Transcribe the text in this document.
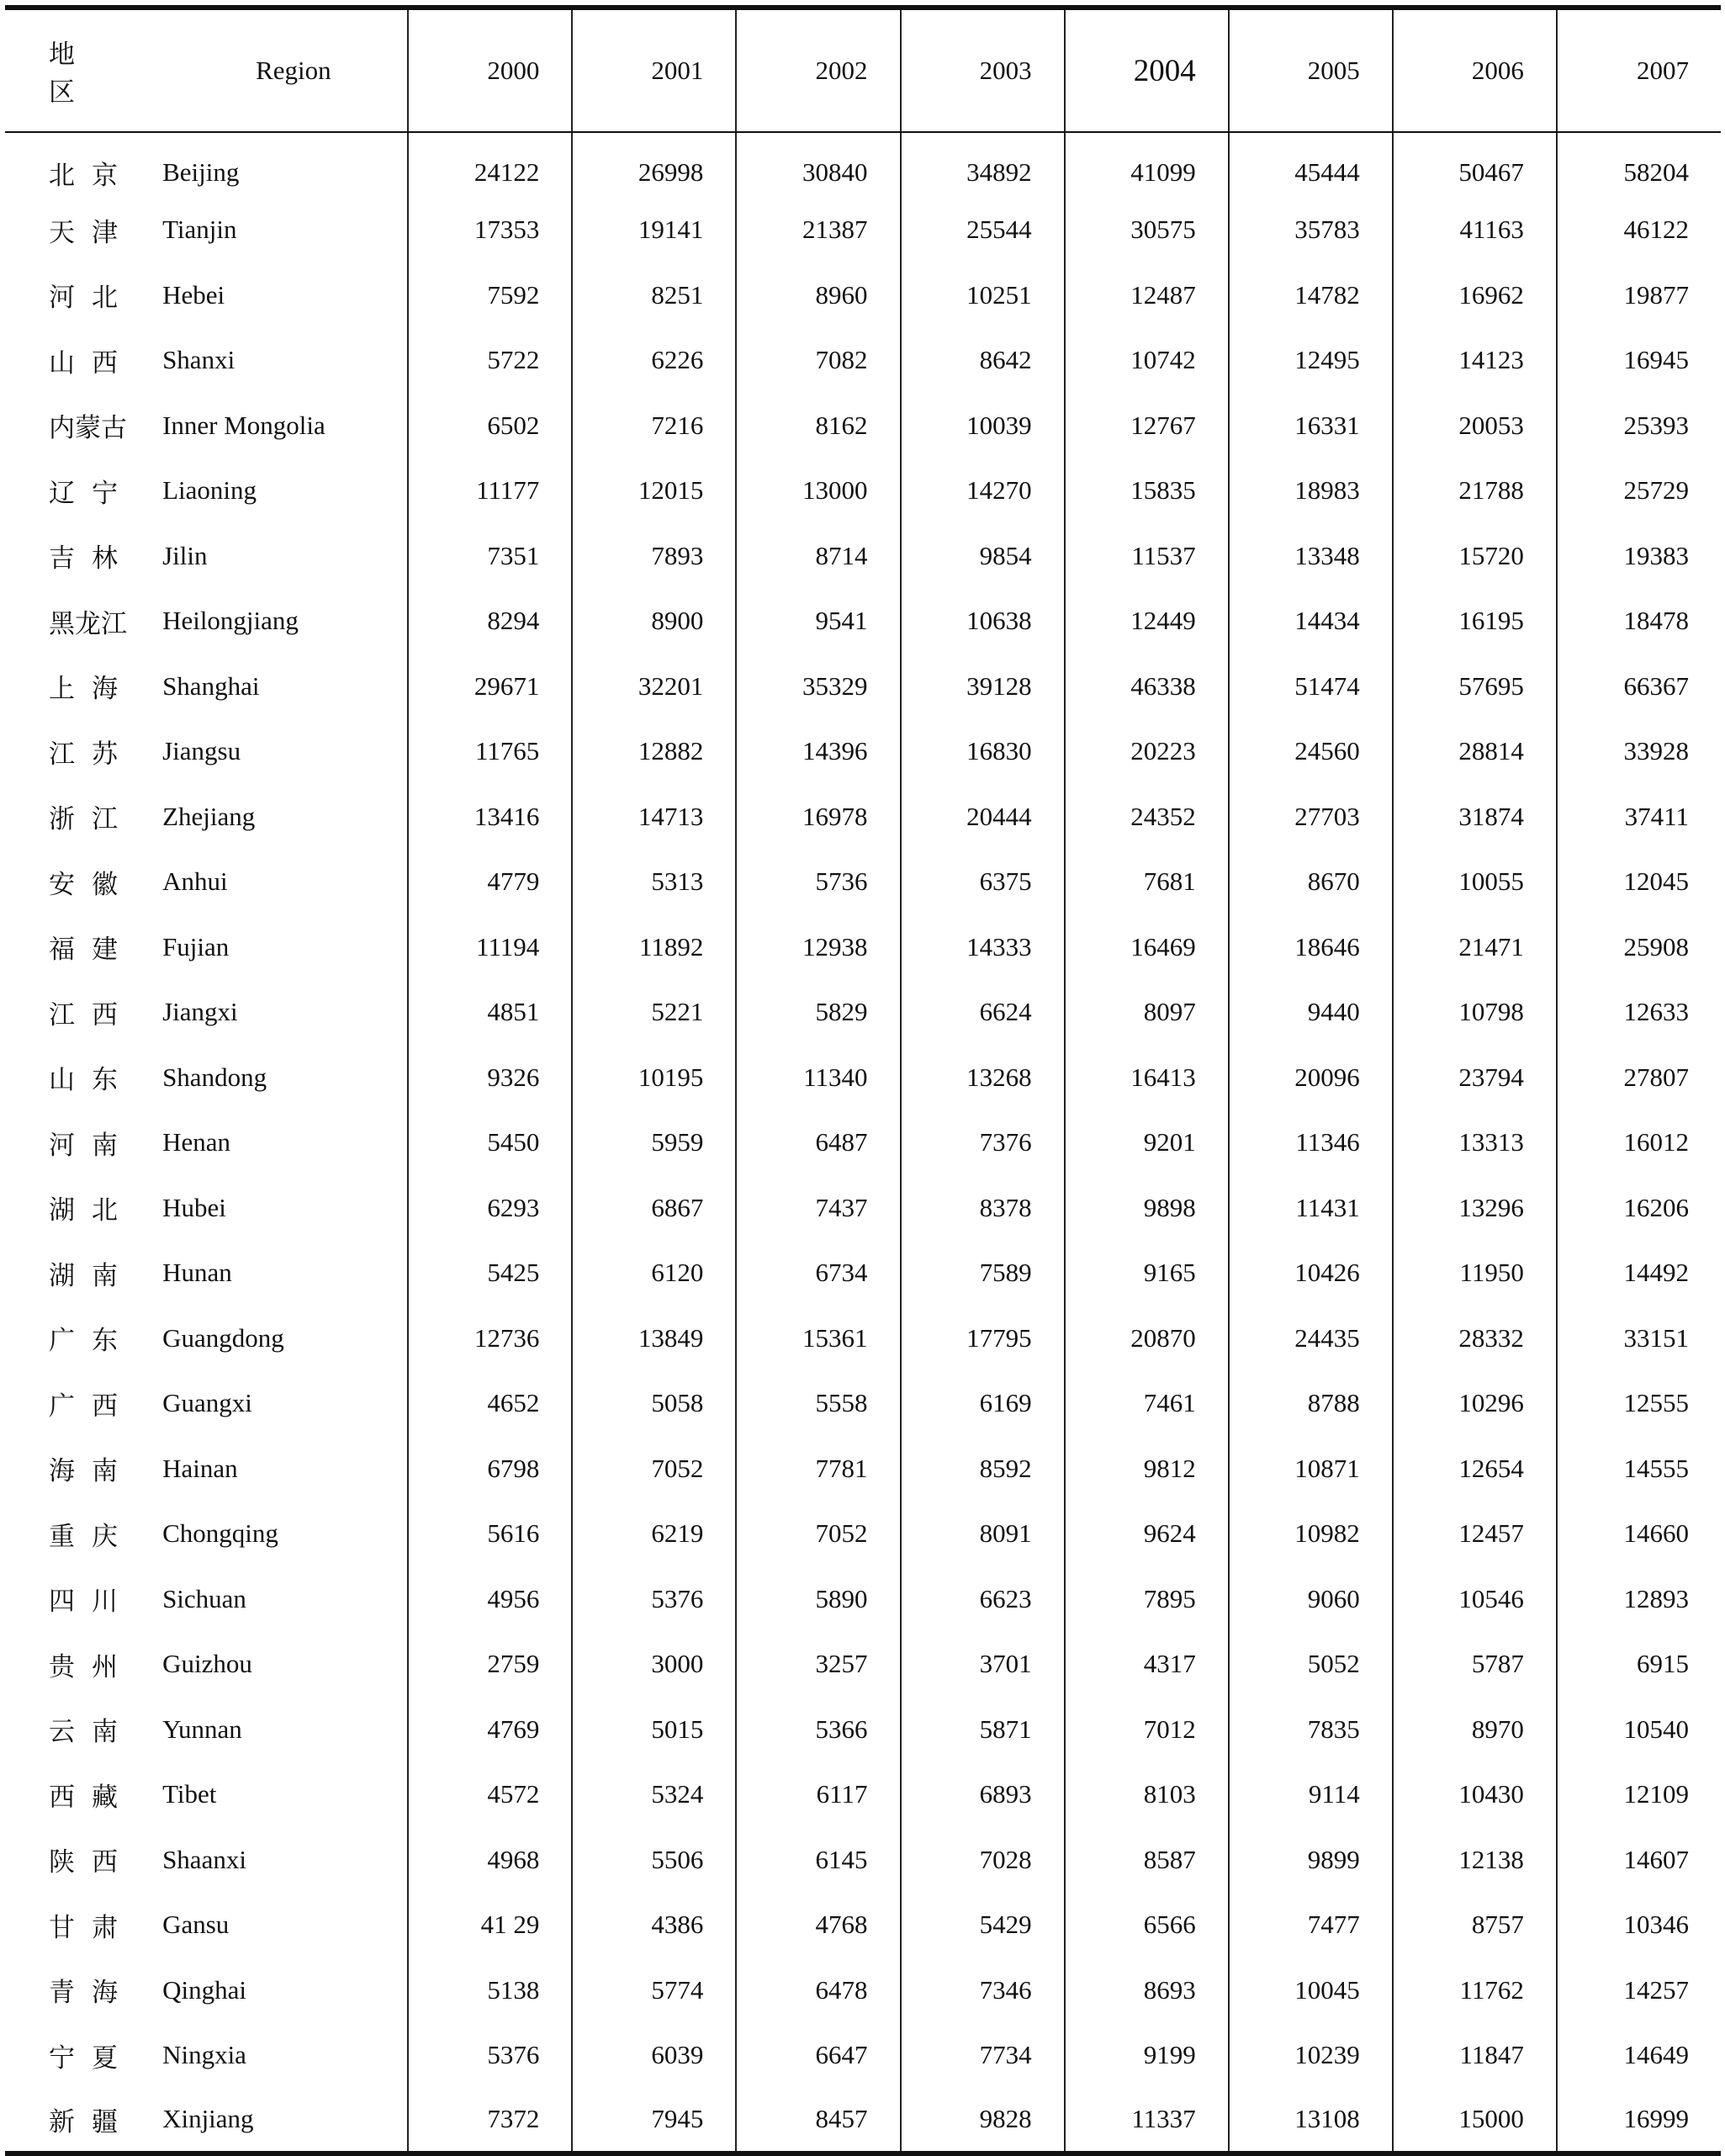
地区	Region	2000	2001	2002	2003	2004	2005	2006	2007
北京	Beijing	24122	26998	30840	34892	41099	45444	50467	58204
天津	Tianjin	17353	19141	21387	25544	30575	35783	41163	46122
河北	Hebei	7592	8251	8960	10251	12487	14782	16962	19877
山西	Shanxi	5722	6226	7082	8642	10742	12495	14123	16945
内蒙古	Inner Mongolia	6502	7216	8162	10039	12767	16331	20053	25393
辽宁	Liaoning	11177	12015	13000	14270	15835	18983	21788	25729
吉林	Jilin	7351	7893	8714	9854	11537	13348	15720	19383
黑龙江	Heilongjiang	8294	8900	9541	10638	12449	14434	16195	18478
上海	Shanghai	29671	32201	35329	39128	46338	51474	57695	66367
江苏	Jiangsu	11765	12882	14396	16830	20223	24560	28814	33928
浙江	Zhejiang	13416	14713	16978	20444	24352	27703	31874	37411
安徽	Anhui	4779	5313	5736	6375	7681	8670	10055	12045
福建	Fujian	11194	11892	12938	14333	16469	18646	21471	25908
江西	Jiangxi	4851	5221	5829	6624	8097	9440	10798	12633
山东	Shandong	9326	10195	11340	13268	16413	20096	23794	27807
河南	Henan	5450	5959	6487	7376	9201	11346	13313	16012
湖北	Hubei	6293	6867	7437	8378	9898	11431	13296	16206
湖南	Hunan	5425	6120	6734	7589	9165	10426	11950	14492
广东	Guangdong	12736	13849	15361	17795	20870	24435	28332	33151
广西	Guangxi	4652	5058	5558	6169	7461	8788	10296	12555
海南	Hainan	6798	7052	7781	8592	9812	10871	12654	14555
重庆	Chongqing	5616	6219	7052	8091	9624	10982	12457	14660
四川	Sichuan	4956	5376	5890	6623	7895	9060	10546	12893
贵州	Guizhou	2759	3000	3257	3701	4317	5052	5787	6915
云南	Yunnan	4769	5015	5366	5871	7012	7835	8970	10540
西藏	Tibet	4572	5324	6117	6893	8103	9114	10430	12109
陕西	Shaanxi	4968	5506	6145	7028	8587	9899	12138	14607
甘肃	Gansu	41 29	4386	4768	5429	6566	7477	8757	10346
青海	Qinghai	5138	5774	6478	7346	8693	10045	11762	14257
宁夏	Ningxia	5376	6039	6647	7734	9199	10239	11847	14649
新疆	Xinjiang	7372	7945	8457	9828	11337	13108	15000	16999
